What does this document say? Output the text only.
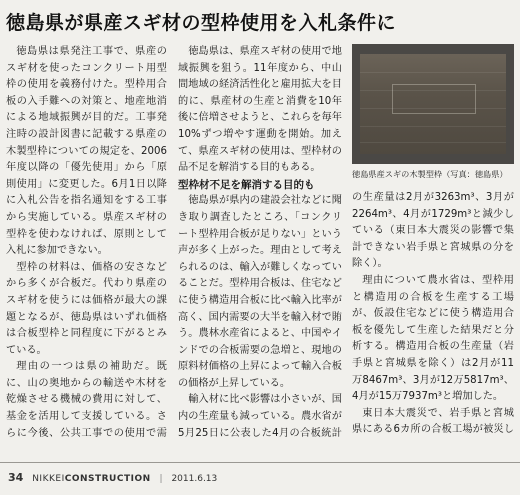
徳島県が県産スギ材の型枠使用を入札条件に

徳島県は県発注工事で、県産のスギ材を使ったコンクリート用型枠の使用を義務付けた。型枠用合板の入手難への対策と、地産地消による地域振興が目的だ。工事発注時の設計図書に記載する県産の木製型枠についての規定を、2006年度以降の「優先使用」から「原則使用」に変更した。6月1日以降に入札公告を指名通知をする工事から実施している。県産スギ材の型枠を使わなければ、原則として入札に参加できない。

型枠の材料は、価格の安さなどから多くが合板だ。代わり県産のスギ材を使うには価格が最大の課題となるが、徳島県はいずれ価格は合板型枠と同程度に下がるとみている。

理由の一つは県の補助だ。既に、山の奥地からの輸送や木材を乾燥させる機械の費用に対して、基金を活用して支援している。さらに今後、公共工事での使用で需

徳島県は、県産スギ材の使用で地域振興を狙う。11年度から、中山間地域の経済活性化と雇用拡大を目的に、県産材の生産と消費を10年後に倍増させようと、これらを毎年10%ずつ増やす運動を開始。加えて、県産スギ材の使用は、型枠材の品不足を解消する目的もある。

型枠材不足を解消する目的も

徳島県が県内の建設会社などに聞き取り調査したところ、「コンクリート型枠用合板が足りない」という声が多く上がった。理由として考えられるのは、輸入が難しくなっていることだ。型枠用合板は、住宅などに使う構造用合板に比べ輸入比率が高く、国内需要の大半を輸入材で賄う。農林水産省によると、中国やインドでの合板需要の急増と、現地の原料材価格の上昇によって輸入合板の価格が上昇している。

輸入材に比べ影響は小さいが、国内の生産量も減っている。農水省が5月25日に公表した4月の合板統計

徳島県産スギの木製型枠（写真：徳島県）

の生産量は2月が3263m³、3月が2264m³、4月が1729m³と減少している（東日本大震災の影響で集計できない岩手県と宮城県の分を除く）。

理由について農水省は、型枠用と構造用の合板を生産する工場が、仮設住宅などに使う構造用合板を優先して生産した結果だと分析する。構造用合板の生産量（岩手県と宮城県を除く）は2月が11万8467m³、3月が12万5817m³、4月が15万7937m³と増加した。

東日本大震災で、岩手県と宮城県にある6カ所の合板工場が被災し

34 NIKKEICONSTRUCTION | 2011.6.13
